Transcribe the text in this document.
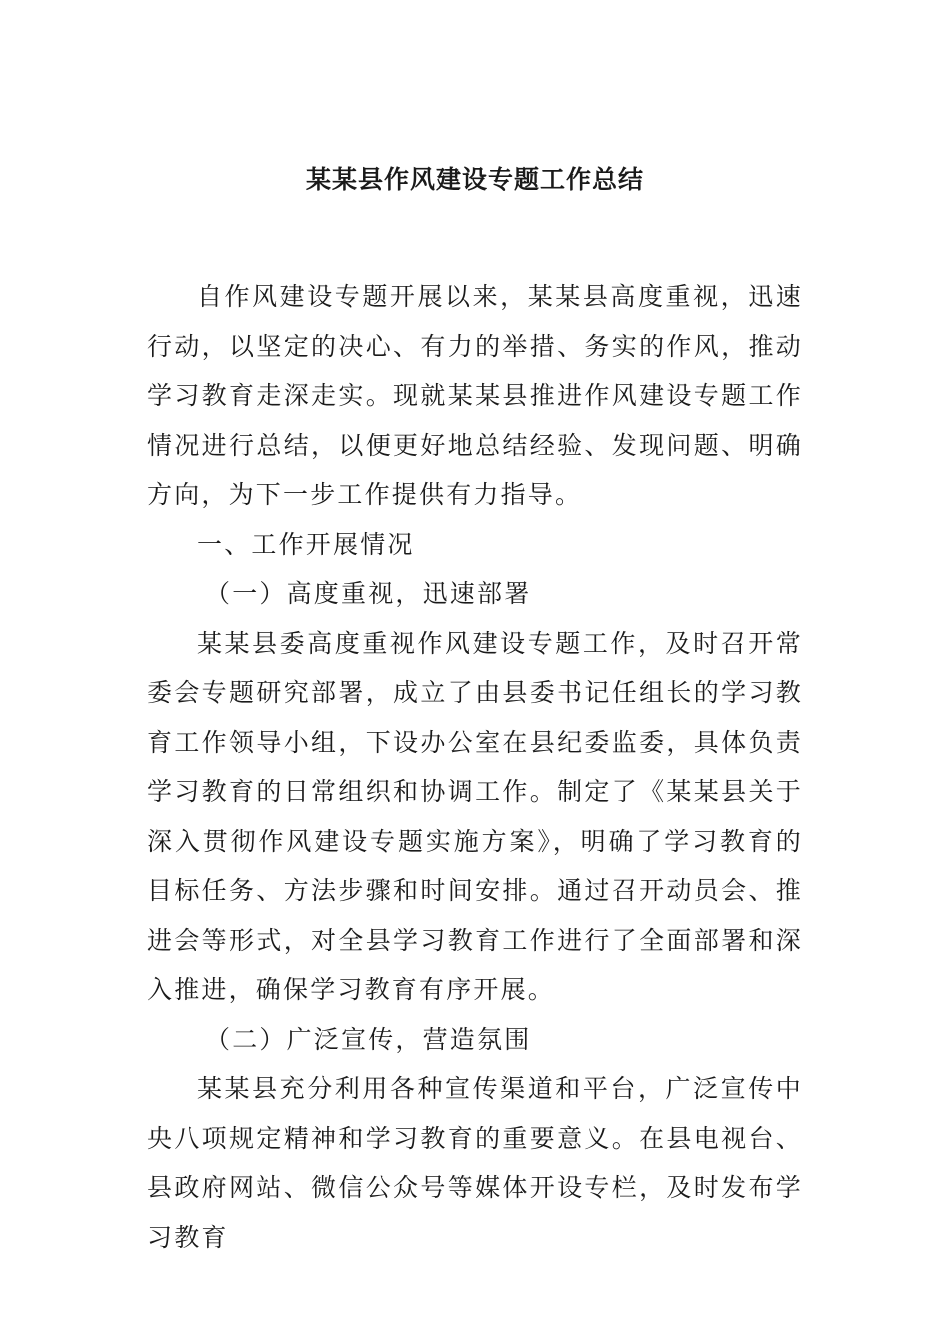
某某县作风建设专题工作总结

自作风建设专题开展以来，某某县高度重视，迅速行动，以坚定的决心、有力的举措、务实的作风，推动学习教育走深走实。现就某某县推进作风建设专题工作情况进行总结，以便更好地总结经验、发现问题、明确方向，为下一步工作提供有力指导。

一、工作开展情况

（一）高度重视，迅速部署

某某县委高度重视作风建设专题工作，及时召开常委会专题研究部署，成立了由县委书记任组长的学习教育工作领导小组，下设办公室在县纪委监委，具体负责学习教育的日常组织和协调工作。制定了《某某县关于深入贯彻作风建设专题实施方案》，明确了学习教育的目标任务、方法步骤和时间安排。通过召开动员会、推进会等形式，对全县学习教育工作进行了全面部署和深入推进，确保学习教育有序开展。

（二）广泛宣传，营造氛围

某某县充分利用各种宣传渠道和平台，广泛宣传中央八项规定精神和学习教育的重要意义。在县电视台、县政府网站、微信公众号等媒体开设专栏，及时发布学习教育
